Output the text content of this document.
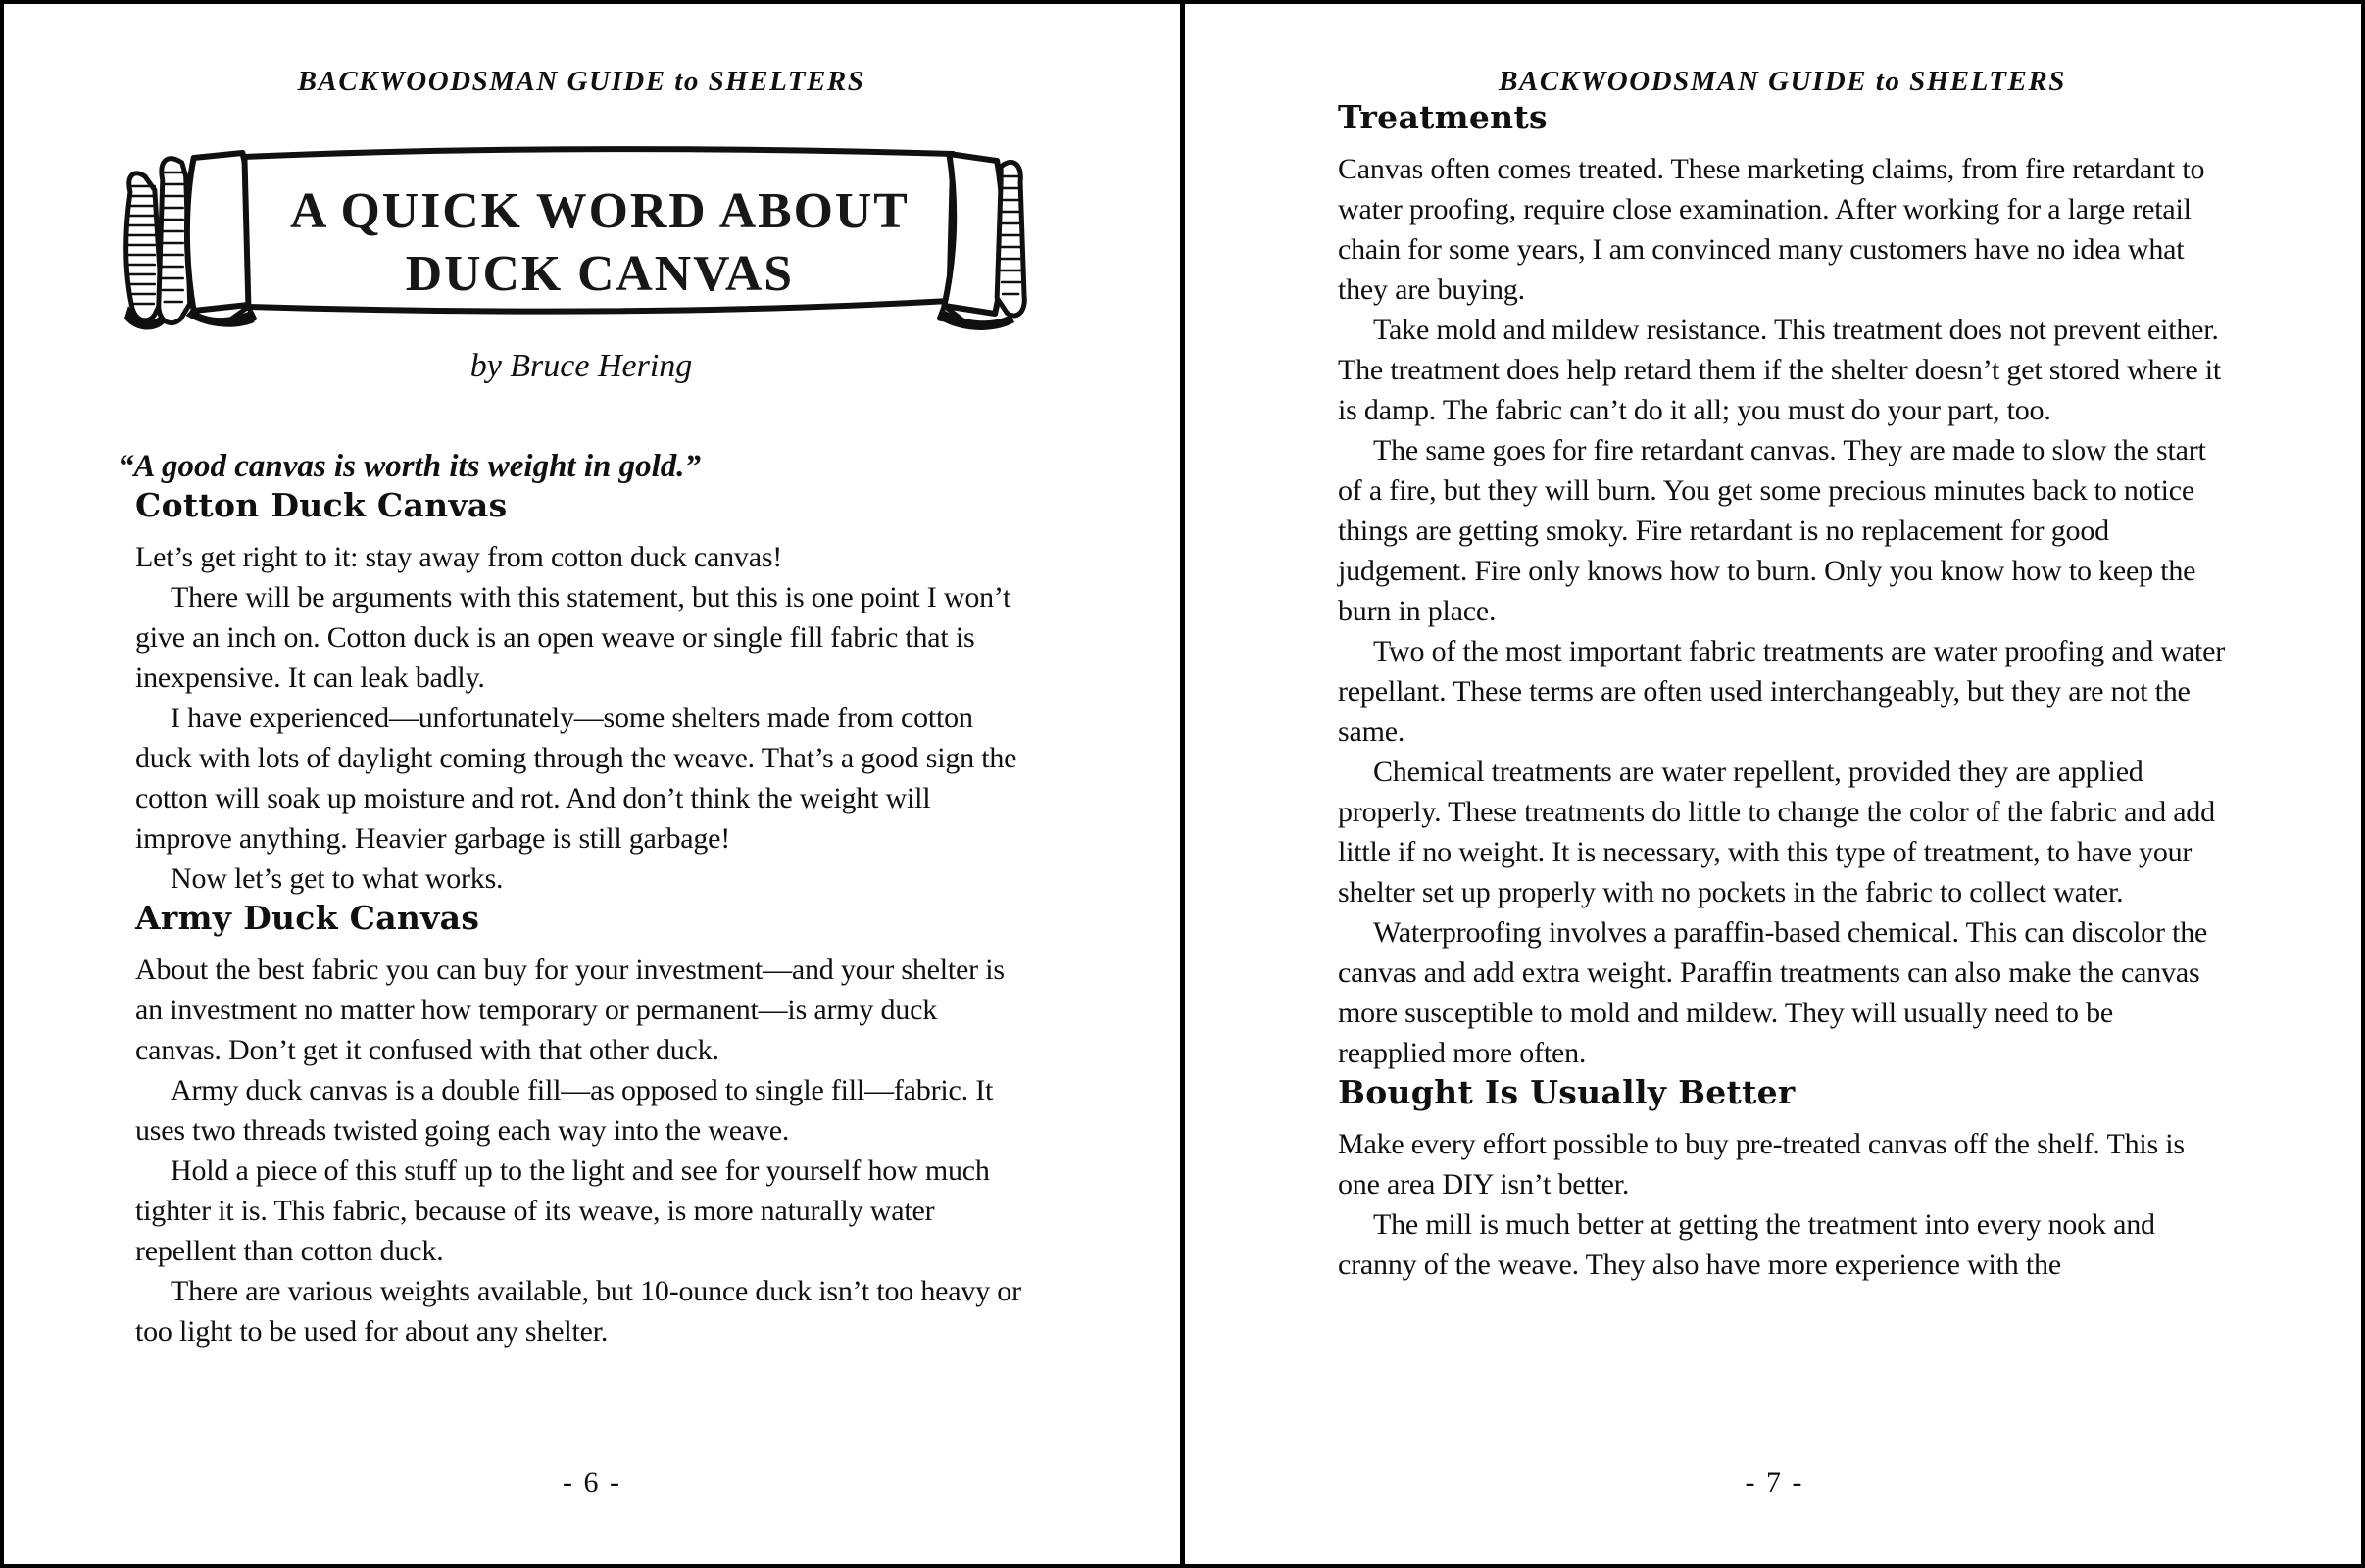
BACKWOODSMAN GUIDE to SHELTERS
A QUICK WORD ABOUT
DUCK CANVAS
by Bruce Hering
“A good canvas is worth its weight in gold.”
Cotton Duck Canvas

Let’s get right to it: stay away from cotton duck canvas!

There will be arguments with this statement, but this is one point I won’t give an inch on. Cotton duck is an open weave or single fill fabric that is inexpensive. It can leak badly.

I have experienced—unfortunately—some shelters made from cotton duck with lots of daylight coming through the weave. That’s a good sign the cotton will soak up moisture and rot. And don’t think the weight will improve anything. Heavier garbage is still garbage!

Now let’s get to what works.

Army Duck Canvas

About the best fabric you can buy for your investment—and your shelter is an investment no matter how temporary or permanent—is army duck canvas. Don’t get it confused with that other duck.

Army duck canvas is a double fill—as opposed to single fill—fabric. It uses two threads twisted going each way into the weave.

Hold a piece of this stuff up to the light and see for yourself how much tighter it is. This fabric, because of its weave, is more naturally water repellent than cotton duck.

There are various weights available, but 10-ounce duck isn’t too heavy or too light to be used for about any shelter.

- 6 -
BACKWOODSMAN GUIDE to SHELTERS
Treatments

Canvas often comes treated. These marketing claims, from fire retardant to water proofing, require close examination. After working for a large retail chain for some years, I am convinced many customers have no idea what they are buying.

Take mold and mildew resistance. This treatment does not prevent either. The treatment does help retard them if the shelter doesn’t get stored where it is damp. The fabric can’t do it all; you must do your part, too.

The same goes for fire retardant canvas. They are made to slow the start of a fire, but they will burn. You get some precious minutes back to notice things are getting smoky. Fire retardant is no replacement for good judgement. Fire only knows how to burn. Only you know how to keep the burn in place.

Two of the most important fabric treatments are water proofing and water repellant. These terms are often used interchangeably, but they are not the same.

Chemical treatments are water repellent, provided they are applied properly. These treatments do little to change the color of the fabric and add little if no weight. It is necessary, with this type of treatment, to have your shelter set up properly with no pockets in the fabric to collect water.

Waterproofing involves a paraffin-based chemical. This can discolor the canvas and add extra weight. Paraffin treatments can also make the canvas more susceptible to mold and mildew. They will usually need to be reapplied more often.

Bought Is Usually Better

Make every effort possible to buy pre-treated canvas off the shelf. This is one area DIY isn’t better.

The mill is much better at getting the treatment into every nook and cranny of the weave. They also have more experience with the

- 7 -
